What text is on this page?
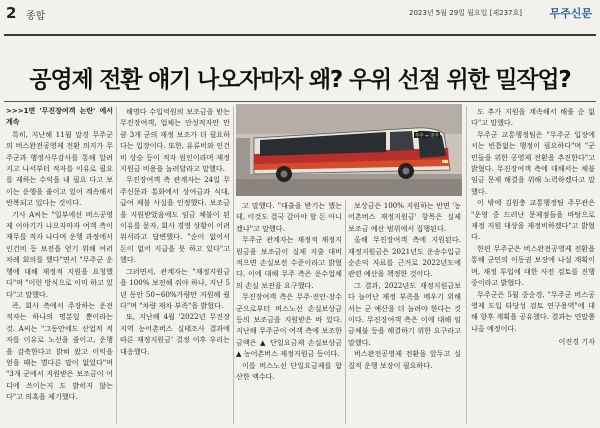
2 종합	2023년 5월 29일 월요일 [제237호] 무주신문
공영제 전환 얘기 나오자마자 왜? 우위 선점 위한 밀작업?

>>>1면 '무진장여객 논란' 에서 계속

특히, 지난해 11월 말경 무주군의 버스완전공영제 전환 의지가 무주군과 행정사무감사를 통해 알려지고 나서부터 적자를 이유로 필요를 제하는 수익을 내 필요 다고 보이는 운행을 줄이고 있어 계속해서 반복되고 있다는 것이다.

기사 A씨는 "일부에선 버스공영제 이야기가 나오자마자 여객 측이 재무를 적자 나다며 운행 과정에서 인건비 등 보전을 얻기 위해 여러 차례 회의를 했다"면서 "무주군 운행에 대해 재정적 지원을 요청했다"며 "이런 방식으로 이미 하고 있다"고 말했다.

즉, 회사 측에서 주장하는 운전 적자는 하나의 명분일 뿐이라는 것. A씨는 "그동안에도 산업적 적자를 이유로 노선을 줄이고, 운행을 감축한다고 밝혀 왔고 이익을 얻을 때는 별다른 말이 없었다"며 "3개 군에서 지원받은 보조금이 어디에 쓰이는지 도 밝히지 않는다"고 의혹을 제기했다.

해명다 수입억원의 보조금을 받는 무진장여객, 업체는 안성적자만 만큼 3개 군의 재정 보조가 더 필요하다는 입장이다. 또한, 유류비와 인건비 상승 등이 적자 원인이라며 재정지원금 비용을 늘려달라고 말했다.

무진장여객 측 관계자는 24일 무주신문과 통화에서 상여금과 식대, 급여 체불 사실을 인정했다. 보조금을 지원받았음에도 임금 체불이 된 이유를 묻자, 회사 경영 상황이 어려워서라고 답변했다. "순이 없어서 돈이 없어 지급을 못 하고 있다"고 했다.

그러면서, 관계자는 "재정지원금을 100% 보전해 줘야 하나, 지난 5년 동안 50~60%가량만 지원해 줬다"며 "차량 재차 부족"을 밝혔다.

또, 지난해 4월 '2022년 무진장지역 농어촌버스 실태조사 결과에 따른 재정지원금' 결정 이후 우리는 대응했다.

무주 ↔ 전주

고 말했다. "대출을 받기는 했는데, 이것도 결국 갚아야 할 돈 아니겠냐"고 말했다.

무주군 관계자는 재정적 재정지원금을 보조금이 실제 지출 대비 적으면 손실보전 수준이라고 밝혔다. 이에 대해 무주 측은 운수업체의 손실 보전을 요구했다.

무진장여객 측은 무주·진안·장수군으로부터 버스노선 손실보상금 등의 보조금을 지원받은 바 있다. 지난해 무주군이 여객 측에 보조한 금액은 ▲ 단일요금제 손실보상금 ▲ 농어촌버스 재정지원금 등이다.

이를 버스노선 단일요금제를 합산한 액수다.

보상금은 100% 지원하는 반면 '농어촌버스 재정지원금' 항목은 실제 보조금 예산 범위에서 집행된다.

올해 무진장여객 측에 지원된다. 재정지원금은 2021년도 운송수입금 순손익 자료를 근거로 2022년도에 관련 예산을 책정한 것이다.

그 결과, 2022년도 재정지원금보다 늘어난 재정 부족을 메우기 위해서는 군 예산을 더 늘려야 한다는 것이다. 무진장여객 측은 이에 대해 임금체불 등을 해결하기 위한 요구라고 말했다.

버스완전공영제 전환을 앞두고 실질적 운행 보장이 필요하다.

도 추가 지원을 계속해서 해줄 순 없다"고 말했다.

무주군 교통행정팀은 "무주군 입장에서는 빈틈없는 행정이 필요하다"며 "군민들을 위한 공영제 전환을 추진한다"고 밝혔다. 무진장여객 측에 대해서는 체불 임금 문제 해결을 위해 노력하겠다고 말했다.

이 밖에 김원충 교통행정팀 주무관은 "운영 중 드러난 문제점들을 바탕으로 재정 지원 대상을 재정비하겠다"고 밝혔다.

한편 무주군은 버스완전공영제 전환을 통해 군민의 이동권 보장에 나설 계획이며, 재정 투입에 대한 사전 검토를 진행 중이라고 밝혔다.

무주군은 5월 중순경, "무주군 버스공영제 도입 타당성 검토 연구용역"에 대해 향후 계획을 공유했다. 결과는 연말쯤 나올 예정이다.

이진경 기자
